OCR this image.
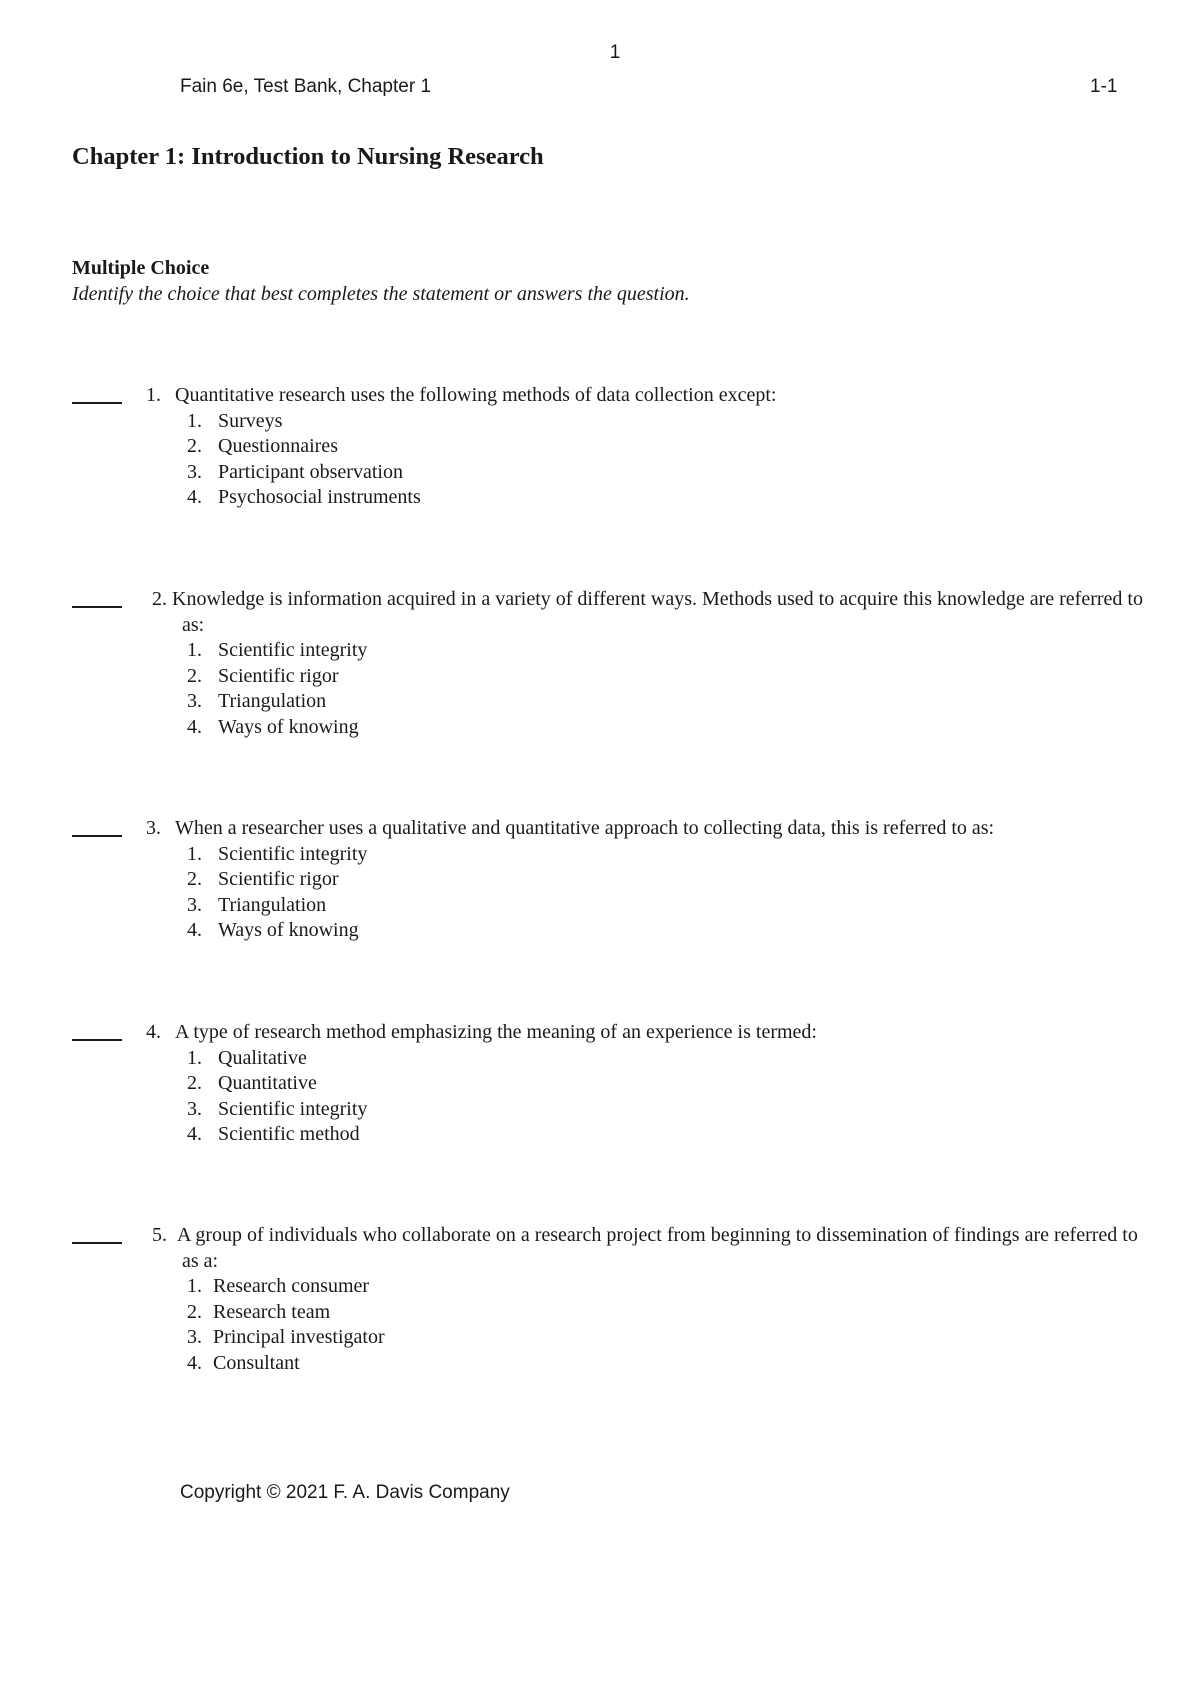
1
Fain 6e, Test Bank, Chapter 1	1-1
Chapter 1: Introduction to Nursing Research
Multiple Choice
Identify the choice that best completes the statement or answers the question.
1. Quantitative research uses the following methods of data collection except:
1. Surveys
2. Questionnaires
3. Participant observation
4. Psychosocial instruments
2. Knowledge is information acquired in a variety of different ways. Methods used to acquire this knowledge are referred to as:
1. Scientific integrity
2. Scientific rigor
3. Triangulation
4. Ways of knowing
3. When a researcher uses a qualitative and quantitative approach to collecting data, this is referred to as:
1. Scientific integrity
2. Scientific rigor
3. Triangulation
4. Ways of knowing
4. A type of research method emphasizing the meaning of an experience is termed:
1. Qualitative
2. Quantitative
3. Scientific integrity
4. Scientific method
5. A group of individuals who collaborate on a research project from beginning to dissemination of findings are referred to as a:
1. Research consumer
2. Research team
3. Principal investigator
4. Consultant
Copyright © 2021 F. A. Davis Company
